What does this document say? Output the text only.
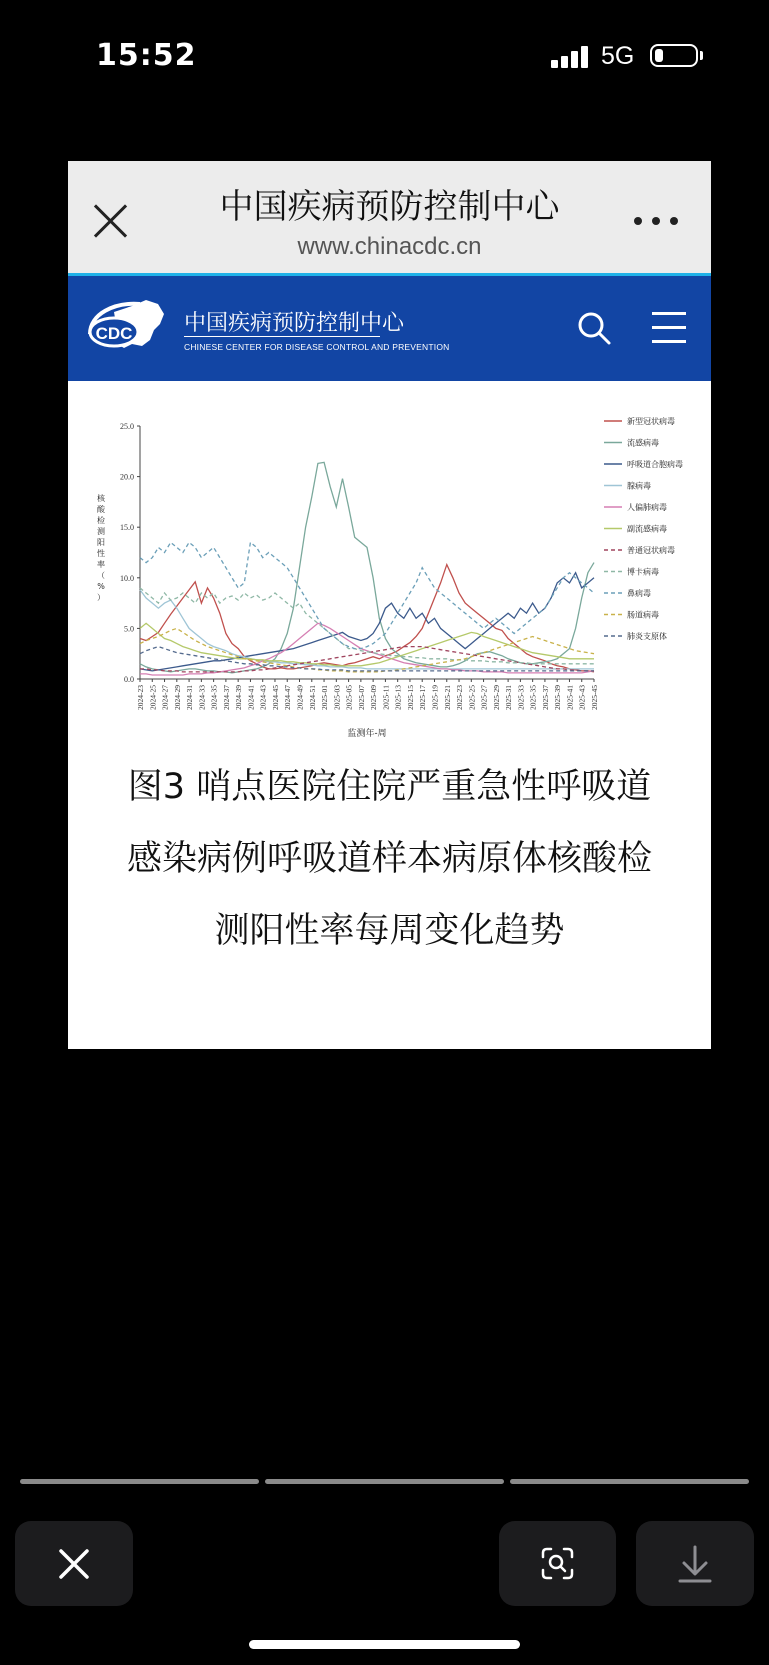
15:52	5G
中国疾病预防控制中心
www.chinacdc.cn
CDC 中国疾病预防控制中心
CHINESE CENTER FOR DISEASE CONTROL AND PREVENTION
0.0
5.0
10.0
15.0
20.0
25.0
核
酸
检
测
阳
性
率
（
%
）
2024-23 2024-25 2024-27 2024-29 2024-31 2024-33 2024-35 2024-37 2024-39 2024-41 2024-43 2024-45 2024-47 2024-49 2024-51 2025-01 2025-03 2025-05 2025-07 2025-09 2025-11 2025-13 2025-15 2025-17 2025-19 2025-21 2025-23 2025-25 2025-27 2025-29 2025-31 2025-33 2025-35 2025-37 2025-39 2025-41 2025-43 2025-45
监测年-周
新型冠状病毒
流感病毒
呼吸道合胞病毒
腺病毒
人偏肺病毒
副流感病毒
普通冠状病毒
博卡病毒
鼻病毒
肠道病毒
肺炎支原体
图3 哨点医院住院严重急性呼吸道
感染病例呼吸道样本病原体核酸检
测阳性率每周变化趋势
